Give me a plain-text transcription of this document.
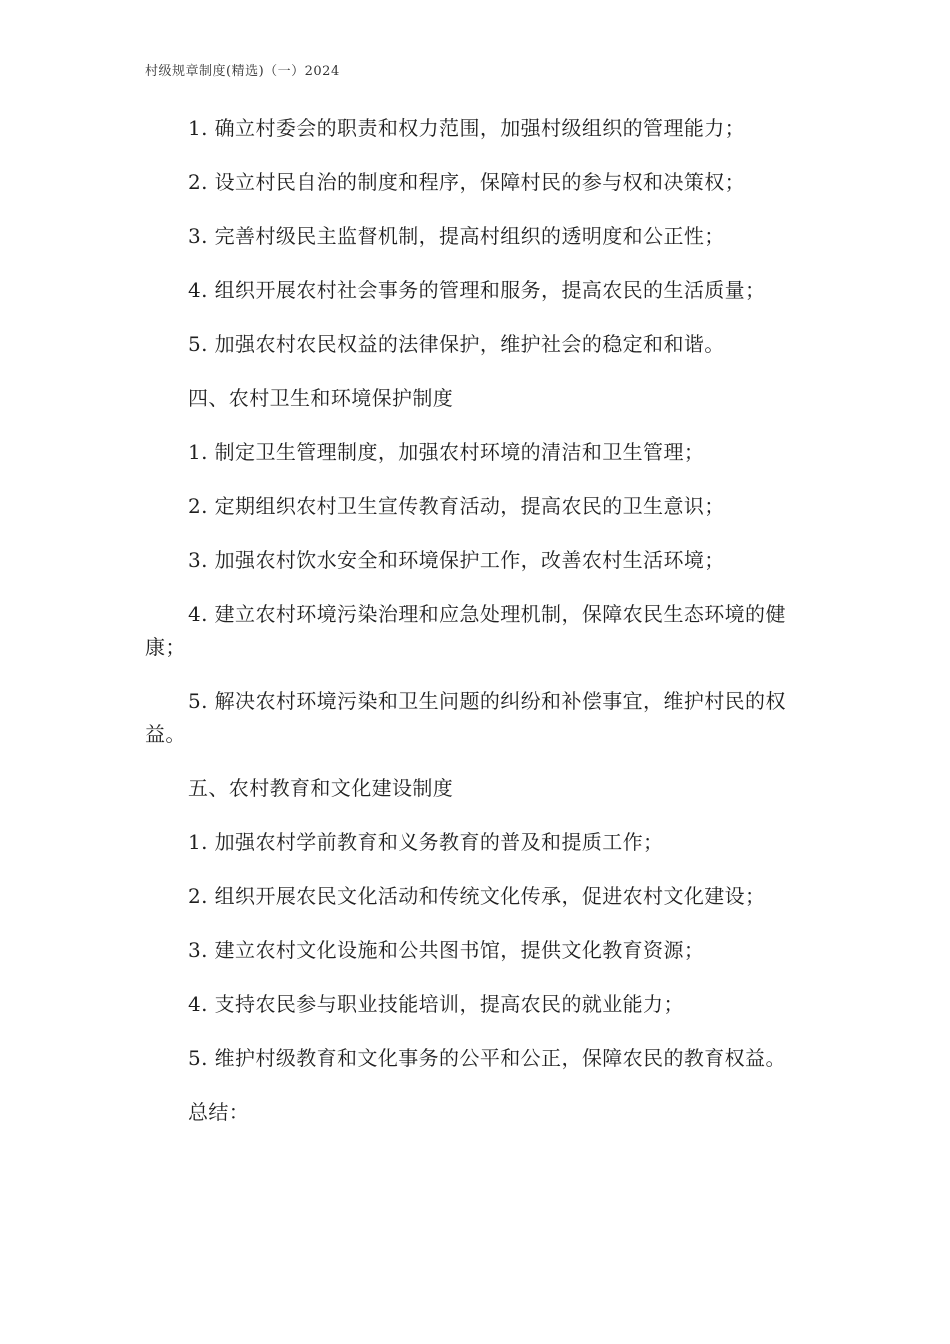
村级规章制度(精选)（一）2024

1. 确立村委会的职责和权力范围，加强村级组织的管理能力；

2. 设立村民自治的制度和程序，保障村民的参与权和决策权；

3. 完善村级民主监督机制，提高村组织的透明度和公正性；

4. 组织开展农村社会事务的管理和服务，提高农民的生活质量；

5. 加强农村农民权益的法律保护，维护社会的稳定和和谐。

四、农村卫生和环境保护制度

1. 制定卫生管理制度，加强农村环境的清洁和卫生管理；

2. 定期组织农村卫生宣传教育活动，提高农民的卫生意识；

3. 加强农村饮水安全和环境保护工作，改善农村生活环境；

4. 建立农村环境污染治理和应急处理机制，保障农民生态环境的健康；

5. 解决农村环境污染和卫生问题的纠纷和补偿事宜，维护村民的权益。

五、农村教育和文化建设制度

1. 加强农村学前教育和义务教育的普及和提质工作；

2. 组织开展农民文化活动和传统文化传承，促进农村文化建设；

3. 建立农村文化设施和公共图书馆，提供文化教育资源；

4. 支持农民参与职业技能培训，提高农民的就业能力；

5. 维护村级教育和文化事务的公平和公正，保障农民的教育权益。

总结：
